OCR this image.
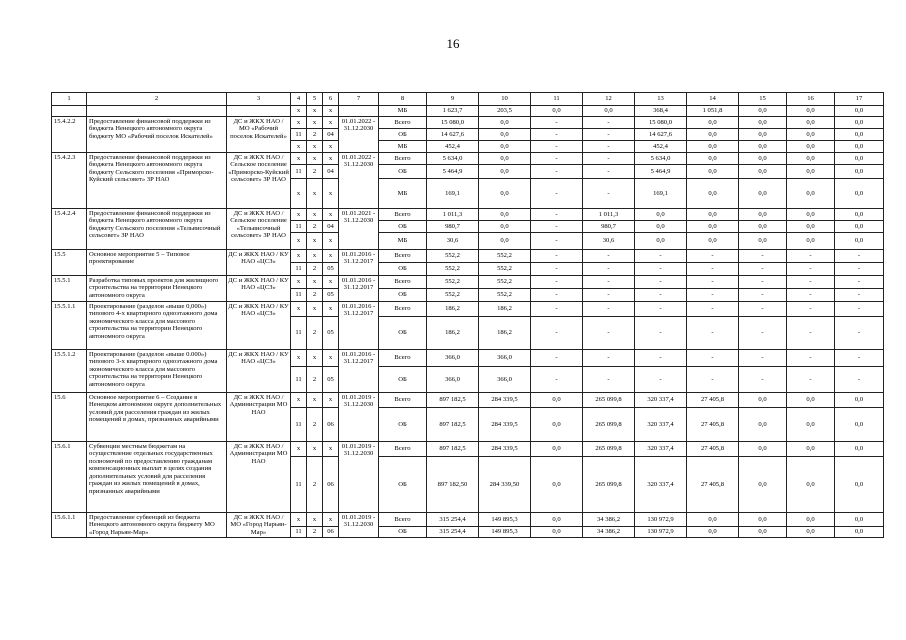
16
1	2	3	4	5	6	7	8	9	10	11	12	13	14	15	16	17
			х	х	х		МБ	1 623,7	203,5	0,0	0,0	368,4	1 051,8	0,0	0,0	0,0
15.4.2.2	Предоставление финансовой поддержки из бюджета Ненецкого автономного округа бюджету МО «Рабочий поселок Искателей»	ДС и ЖКХ НАО / МО «Рабочий поселок Искателей»	х	х	х	01.01.2022 - 31.12.2030	Всего	15 080,0	0,0	-	-	15 080,0	0,0	0,0	0,0	0,0
			11	2	04		ОБ	14 627,6	0,0	-	-	14 627,6	0,0	0,0	0,0	0,0
			х	х	х		МБ	452,4	0,0	-	-	452,4	0,0	0,0	0,0	0,0
15.4.2.3	Предоставление финансовой поддержки из бюджета Ненецкого автономного округа бюджету Сельского поселения «Приморско-Куйский сельсовет» ЗР НАО	ДС и ЖКХ НАО /Сельское поселение «Приморско-Куйский сельсовет» ЗР НАО	х	х	х	01.01.2022 - 31.12.2030	Всего	5 634,0	0,0	-	-	5 634,0	0,0	0,0	0,0	0,0
			11	2	04		ОБ	5 464,9	0,0	-	-	5 464,9	0,0	0,0	0,0	0,0
			х	х	х		МБ	169,1	0,0	-	-	169,1	0,0	0,0	0,0	0,0
15.4.2.4	Предоставление финансовой поддержки из бюджета Ненецкого автономного округа бюджету Сельского поселения «Тельвисочный сельсовет» ЗР НАО	ДС и ЖКХ НАО /Сельское поселение «Тельвисочный сельсовет» ЗР НАО	х	х	х	01.01.2021 - 31.12.2030	Всего	1 011,3	0,0	-	1 011,3	0,0	0,0	0,0	0,0	0,0
			11	2	04		ОБ	980,7	0,0	-	980,7	0,0	0,0	0,0	0,0	0,0
			х	х	х		МБ	30,6	0,0	-	30,6	0,0	0,0	0,0	0,0	0,0
15.5	Основное мероприятие 5 – Типовое проектирование	ДС и ЖКХ НАО / КУ НАО «ЦСЗ»	х	х	х	01.01.2016 - 31.12.2017	Всего	552,2	552,2	-	-	-	-	-	-	-
			11	2	05		ОБ	552,2	552,2	-	-	-	-	-	-	-
15.5.1	Разработка типовых проектов для жилищного строительства на территории Ненецкого автономного округа	ДС и ЖКХ НАО / КУ НАО «ЦСЗ»	х	х	х	01.01.2016 - 31.12.2017	Всего	552,2	552,2	-	-	-	-	-	-	-
			11	2	05		ОБ	552,2	552,2	-	-	-	-	-	-	-
15.5.1.1	Проектирование (разделов «выше 0,000») типового 4-х квартирного одноэтажного дома экономического класса для массового строительства на территории Ненецкого автономного округа	ДС и ЖКХ НАО / КУ НАО «ЦСЗ»	х	х	х	01.01.2016 - 31.12.2017	Всего	186,2	186,2	-	-	-	-	-	-	-
			11	2	05		ОБ	186,2	186,2	-	-	-	-	-	-	-
15.5.1.2	Проектирование (разделов «выше 0.000») типового 3-х квартирного одноэтажного дома экономического класса для массового строительства на территории Ненецкого автономного округа	ДС и ЖКХ НАО / КУ НАО «ЦСЗ»	х	х	х	01.01.2016 - 31.12.2017	Всего	366,0	366,0	-	-	-	-	-	-	-
			11	2	05		ОБ	366,0	366,0	-	-	-	-	-	-	-
15.6	Основное мероприятие 6 – Создание в Ненецком автономном округе дополнительных условий для расселения граждан из жилых помещений в домах, признанных аварийными	ДС и ЖКХ НАО / Администрации МО НАО	х	х	х	01.01.2019 - 31.12.2030	Всего	897 182,5	284 339,5	0,0	265 099,8	320 337,4	27 405,8	0,0	0,0	0,0
			11	2	06		ОБ	897 182,5	284 339,5	0,0	265 099,8	320 337,4	27 405,8	0,0	0,0	0,0
15.6.1	Субвенции местным бюджетам на осуществление отдельных государственных полномочий по предоставлению гражданам компенсационных выплат в целях создания дополнительных условий для расселения граждан из жилых помещений в домах, признанных аварийными	ДС и ЖКХ НАО / Администрации МО НАО	х	х	х	01.01.2019 - 31.12.2030	Всего	897 182,5	284 339,5	0,0	265 099,8	320 337,4	27 405,8	0,0	0,0	0,0
			11	2	06		ОБ	897 182,50	284 339,50	0,0	265 099,8	320 337,4	27 405,8	0,0	0,0	0,0
15.6.1.1	Предоставление субвенций из бюджета Ненецкого автономного округа бюджету МО «Город Нарьян-Мар»	ДС и ЖКХ НАО / МО «Город Нарьян-Мар»	х	х	х	01.01.2019 - 31.12.2030	Всего	315 254,4	149 895,3	0,0	34 386,2	130 972,9	0,0	0,0	0,0	0,0
			11	2	06		ОБ	315 254,4	149 895,3	0,0	34 386,2	130 972,9	0,0	0,0	0,0	0,0
